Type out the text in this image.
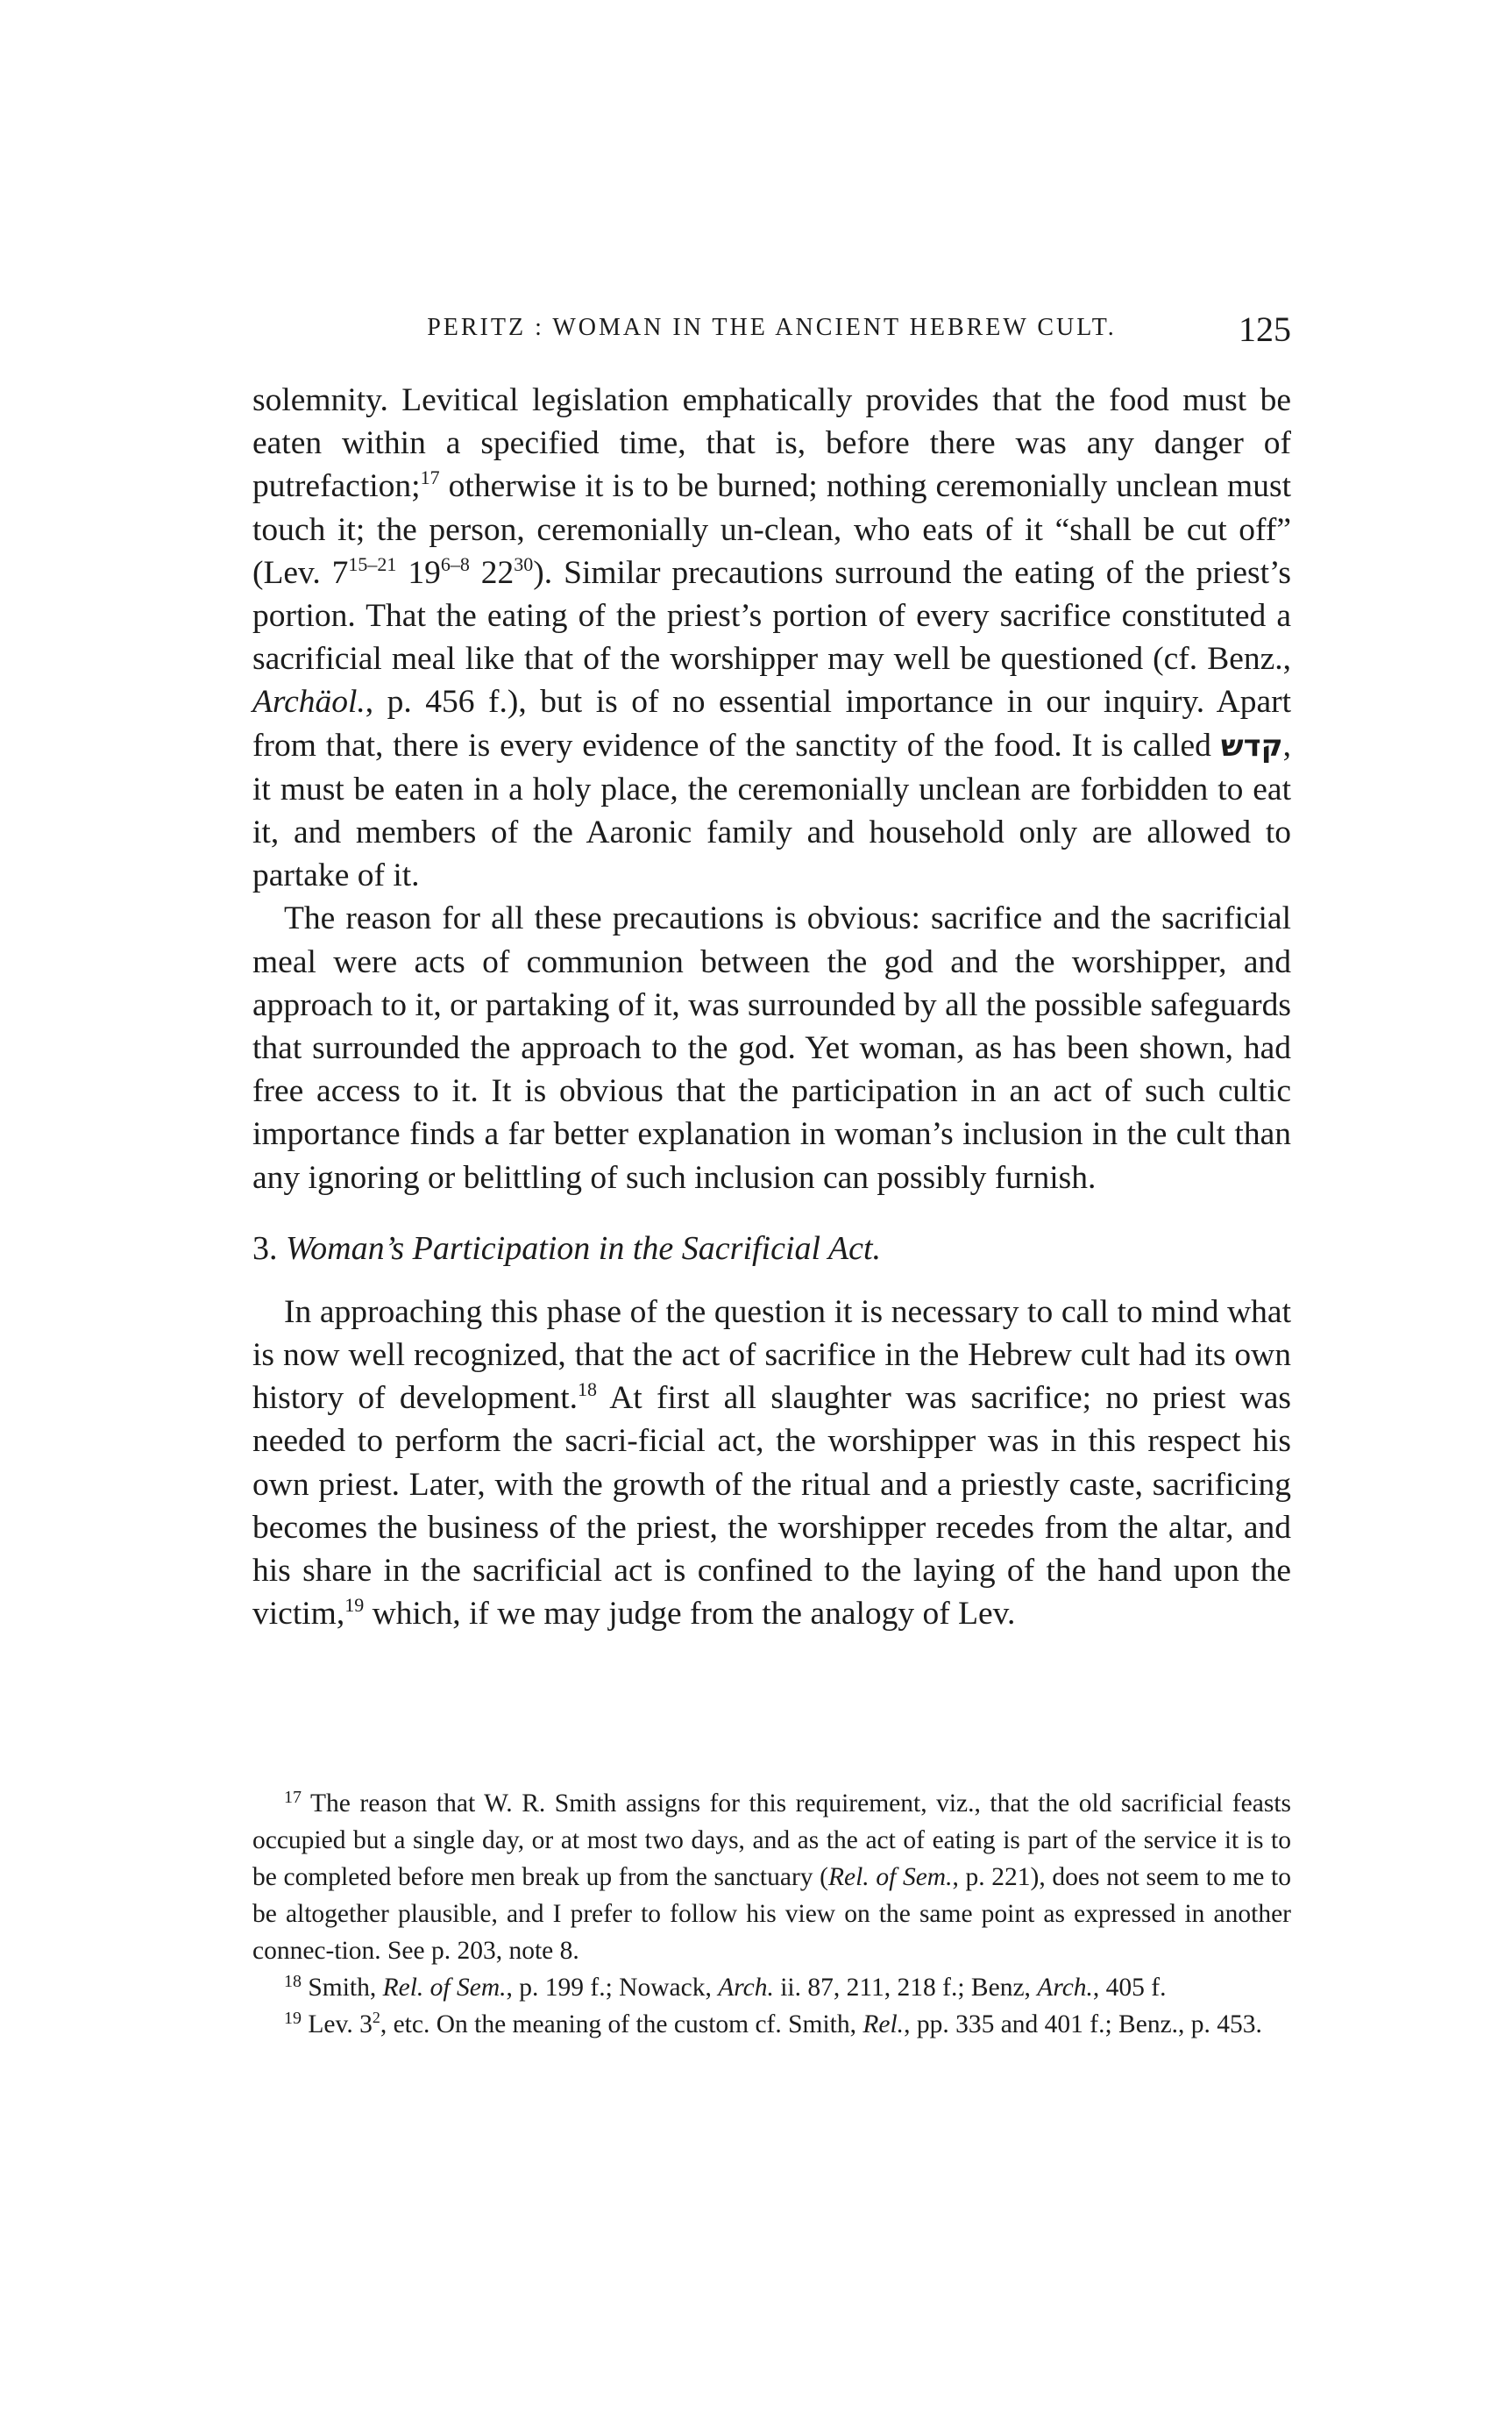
PERITZ : WOMAN IN THE ANCIENT HEBREW CULT.	125

solemnity. Levitical legislation emphatically provides that the food must be eaten within a specified time, that is, before there was any danger of putrefaction;$^{17}$ otherwise it is to be burned; nothing ceremonially unclean must touch it; the person, ceremonially un-clean, who eats of it “shall be cut off” (Lev. 7$^{15-21}$ 19$^{6-8}$ $22^{30}$). Similar precautions surround the eating of the priest’s portion. That the eating of the priest’s portion of every sacrifice constituted a sacrificial meal like that of the worshipper may well be questioned (cf. Benz., Archäol., p. 456 f.), but is of no essential importance in our inquiry. Apart from that, there is every evidence of the sanctity of the food. It is called קדש, it must be eaten in a holy place, the ceremonially unclean are forbidden to eat it, and members of the Aaronic family and household only are allowed to partake of it.

The reason for all these precautions is obvious: sacrifice and the sacrificial meal were acts of communion between the god and the worshipper, and approach to it, or partaking of it, was surrounded by all the possible safeguards that surrounded the approach to the god. Yet woman, as has been shown, had free access to it. It is obvious that the participation in an act of such cultic importance finds a far better explanation in woman’s inclusion in the cult than any ignoring or belittling of such inclusion can possibly furnish.

3. Woman’s Participation in the Sacrificial Act.

In approaching this phase of the question it is necessary to call to mind what is now well recognized, that the act of sacrifice in the Hebrew cult had its own history of development.$^{18}$ At first all slaughter was sacrifice; no priest was needed to perform the sacri-ficial act, the worshipper was in this respect his own priest. Later, with the growth of the ritual and a priestly caste, sacrificing becomes the business of the priest, the worshipper recedes from the altar, and his share in the sacrificial act is confined to the laying of the hand upon the victim,$^{19}$ which, if we may judge from the analogy of Lev.

$^{17}$ The reason that W. R. Smith assigns for this requirement, viz., that the old sacrificial feasts occupied but a single day, or at most two days, and as the act of eating is part of the service it is to be completed before men break up from the sanctuary (Rel. of Sem., p. 221), does not seem to me to be altogether plausible, and I prefer to follow his view on the same point as expressed in another connec-tion. See p. 203, note 8.

$^{18}$ Smith, Rel. of Sem., p. 199 f.; Nowack, Arch. ii. 87, 211, 218 f.; Benz, Arch., 405 f.

$^{19}$ Lev. $3^2$, etc. On the meaning of the custom cf. Smith, Rel., pp. 335 and 401 f.; Benz., p. 453.
